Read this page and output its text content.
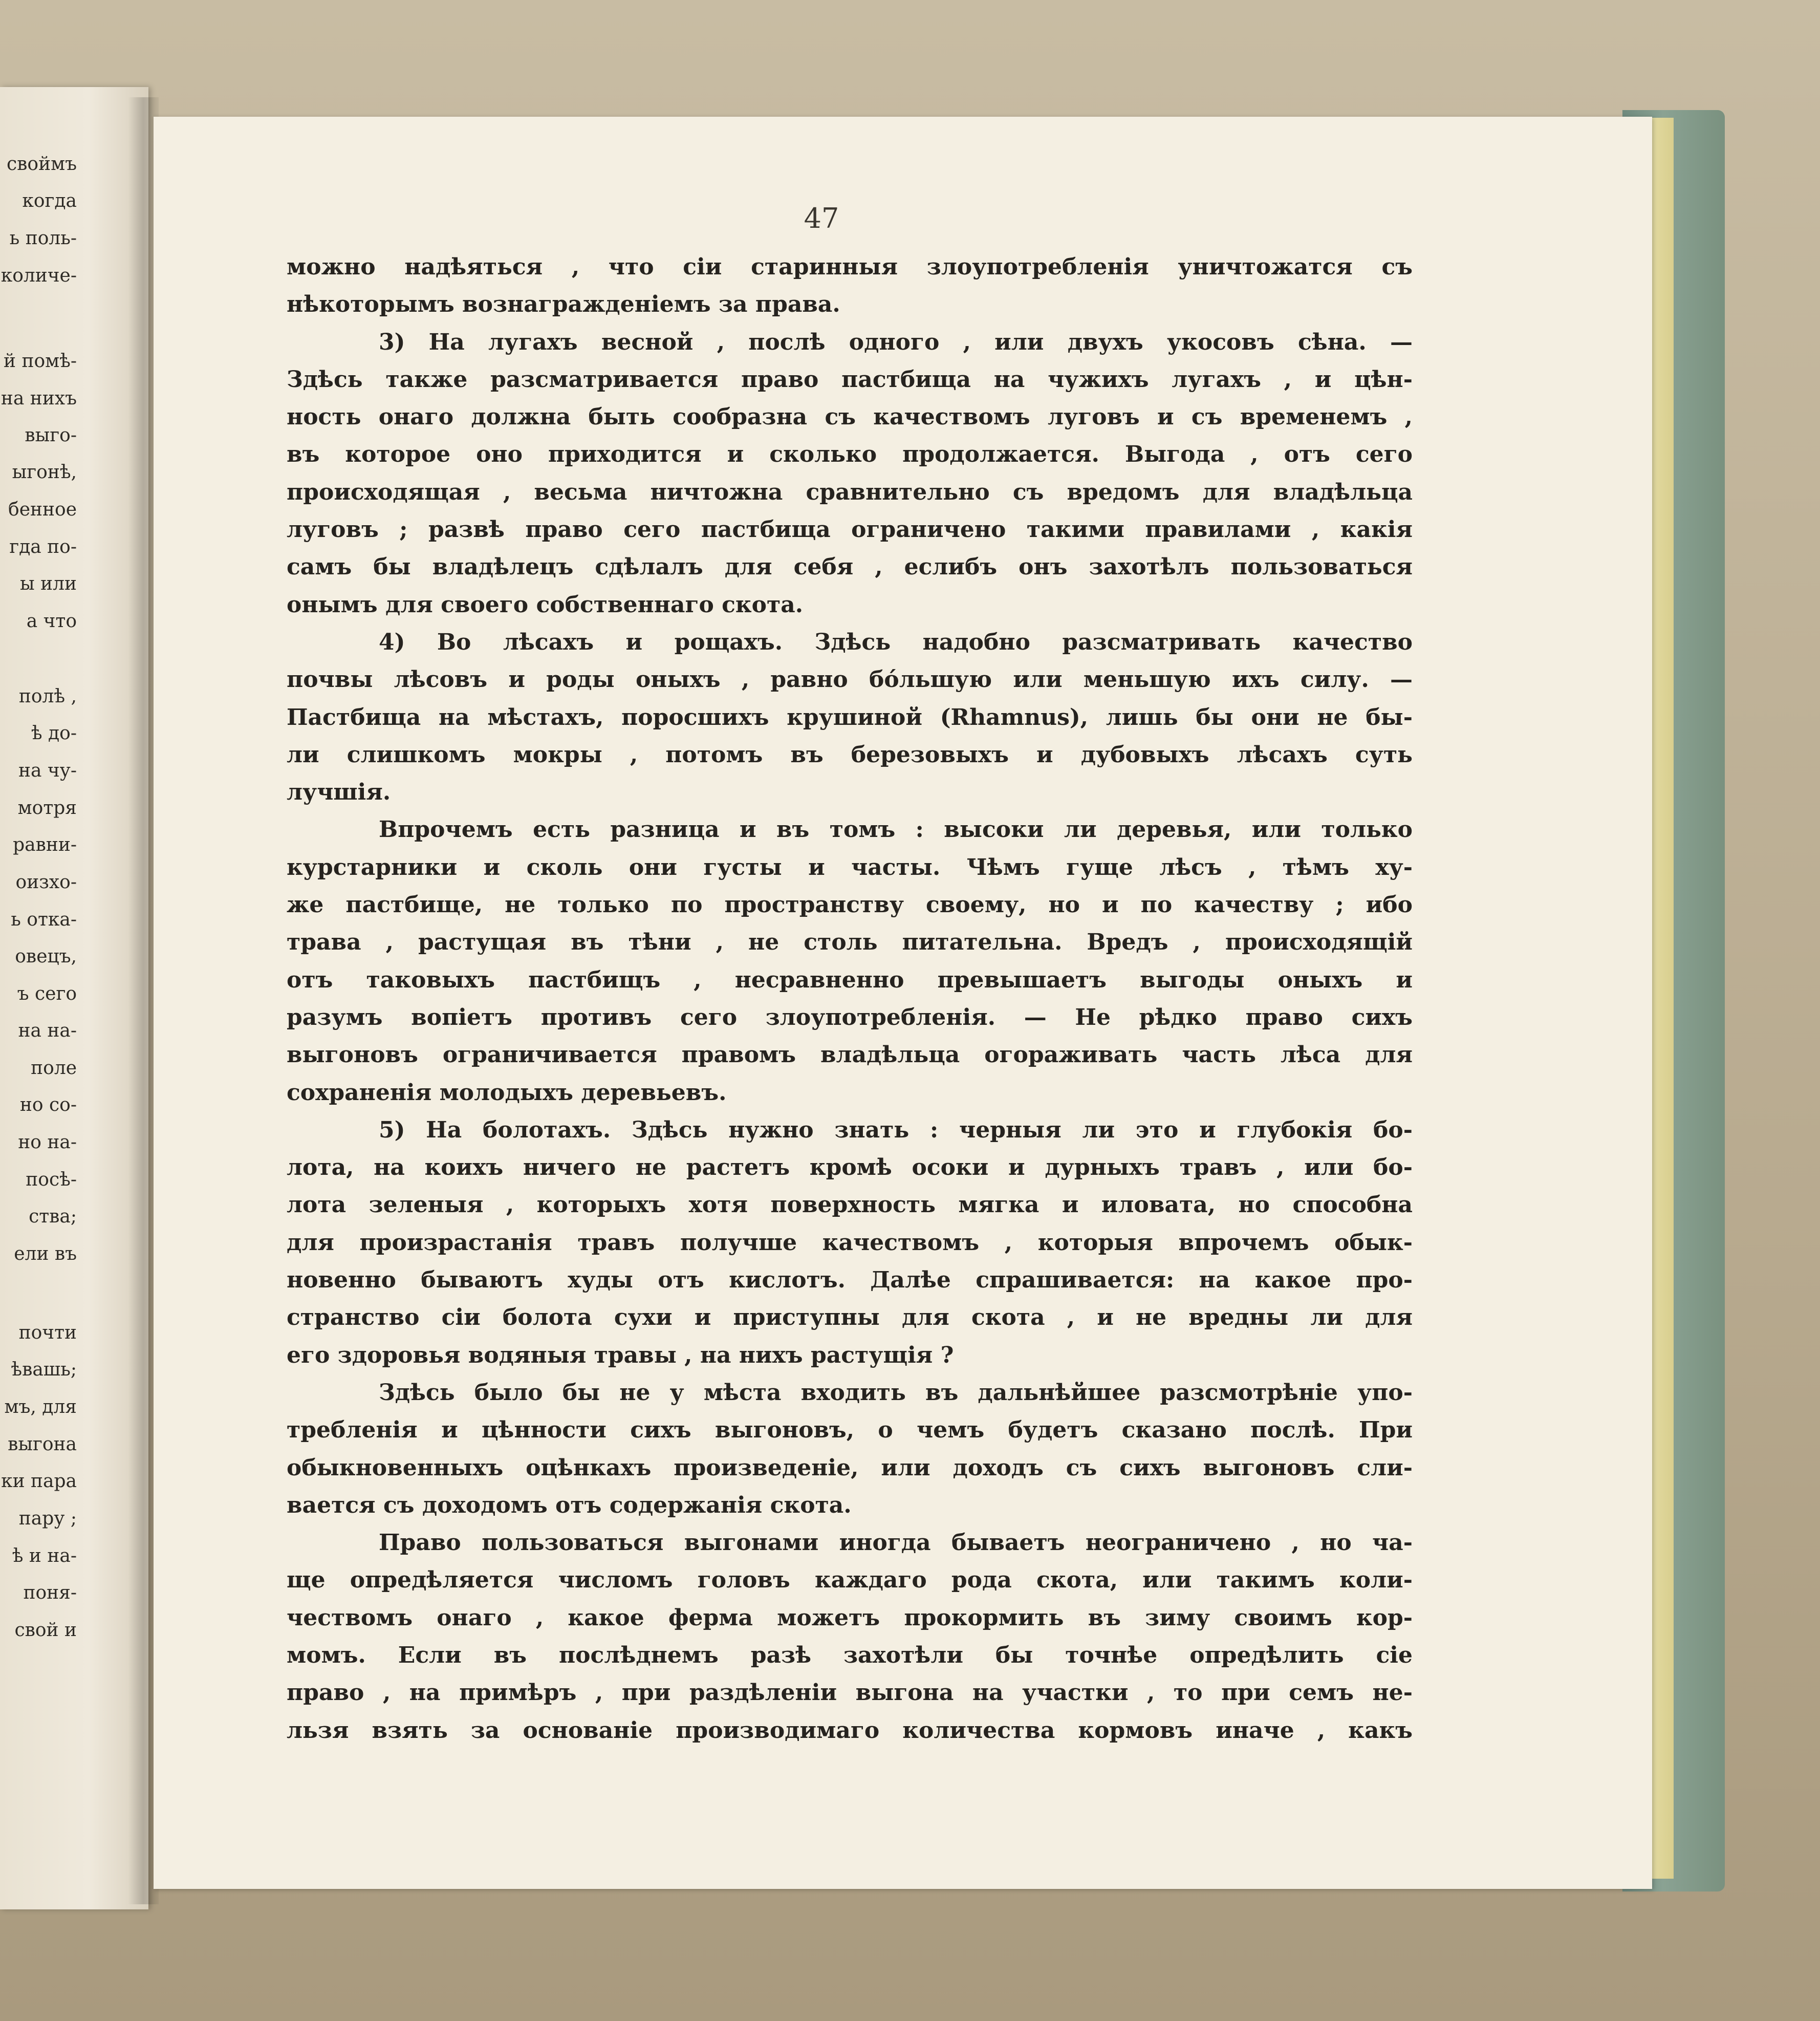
своймъ
когда
ь поль-
количе-
й помѣ-
на нихъ
выго-
ыгонѣ,
бенное
гда по-
ы или
а что
полѣ ,
ѣ до-
на чу-
мотря
равни-
оизхо-
ь отка-
овецъ,
ъ сего
на на-
поле
но со-
но на-
посѣ-
ства;
ели въ
почти
ѣвашь;
мъ, для
выгона
ки пара
пару ;
ѣ и на-
поня-
свой и
47
можно надѣяться , что сіи старинныя злоупотребленія уничтожатся съ
нѣкоторымъ вознагражденіемъ за права.
3) На лугахъ весной , послѣ одного , или двухъ укосовъ сѣна. —
Здѣсь также разсматривается право пастбища на чужихъ лугахъ , и цѣн-
ность онаго должна быть сообразна съ качествомъ луговъ и съ временемъ ,
въ которое оно приходится и сколько продолжается. Выгода , отъ сего
происходящая , весьма ничтожна сравнительно съ вредомъ для владѣльца
луговъ ; развѣ право сего пастбища ограничено такими правилами , какія
самъ бы владѣлецъ сдѣлалъ для себя , еслибъ онъ захотѣлъ пользоваться
онымъ для своего собственнаго скота.
4) Во лѣсахъ и рощахъ. Здѣсь надобно разсматривать качество
почвы лѣсовъ и роды оныхъ , равно бо́льшую или меньшую ихъ силу. —
Пастбища на мѣстахъ, поросшихъ крушиной (Rhamnus), лишь бы они не бы-
ли слишкомъ мокры , потомъ въ березовыхъ и дубовыхъ лѣсахъ суть
лучшія.
Впрочемъ есть разница и въ томъ : высоки ли деревья, или только
курстарники и сколь они густы и часты. Чѣмъ гуще лѣсъ , тѣмъ ху-
же пастбище, не только по пространству своему, но и по качеству ; ибо
трава , растущая въ тѣни , не столь питательна. Вредъ , происходящій
отъ таковыхъ пастбищъ , несравненно превышаетъ выгоды оныхъ и
разумъ вопіетъ противъ сего злоупотребленія. — Не рѣдко право сихъ
выгоновъ ограничивается правомъ владѣльца огораживать часть лѣса для
сохраненія молодыхъ деревьевъ.
5) На болотахъ. Здѣсь нужно знать : черныя ли это и глубокія бо-
лота, на коихъ ничего не растетъ кромѣ осоки и дурныхъ травъ , или бо-
лота зеленыя , которыхъ хотя поверхность мягка и иловата, но способна
для произрастанія травъ получше качествомъ , которыя впрочемъ обык-
новенно бываютъ худы отъ кислотъ. Далѣе спрашивается: на какое про-
странство сіи болота сухи и приступны для скота , и не вредны ли для
его здоровья водяныя травы , на нихъ растущія ?
Здѣсь было бы не у мѣста входить въ дальнѣйшее разсмотрѣніе упо-
требленія и цѣнности сихъ выгоновъ, о чемъ будетъ сказано послѣ. При
обыкновенныхъ оцѣнкахъ произведеніе, или доходъ съ сихъ выгоновъ сли-
вается съ доходомъ отъ содержанія скота.
Право пользоваться выгонами иногда бываетъ неограничено , но ча-
ще опредѣляется числомъ головъ каждаго рода скота, или такимъ коли-
чествомъ онаго , какое ферма можетъ прокормить въ зиму своимъ кор-
момъ. Если въ послѣднемъ разѣ захотѣли бы точнѣе опредѣлить сіе
право , на примѣръ , при раздѣленіи выгона на участки , то при семъ не-
льзя взять за основаніе производимаго количества кормовъ иначе , какъ
